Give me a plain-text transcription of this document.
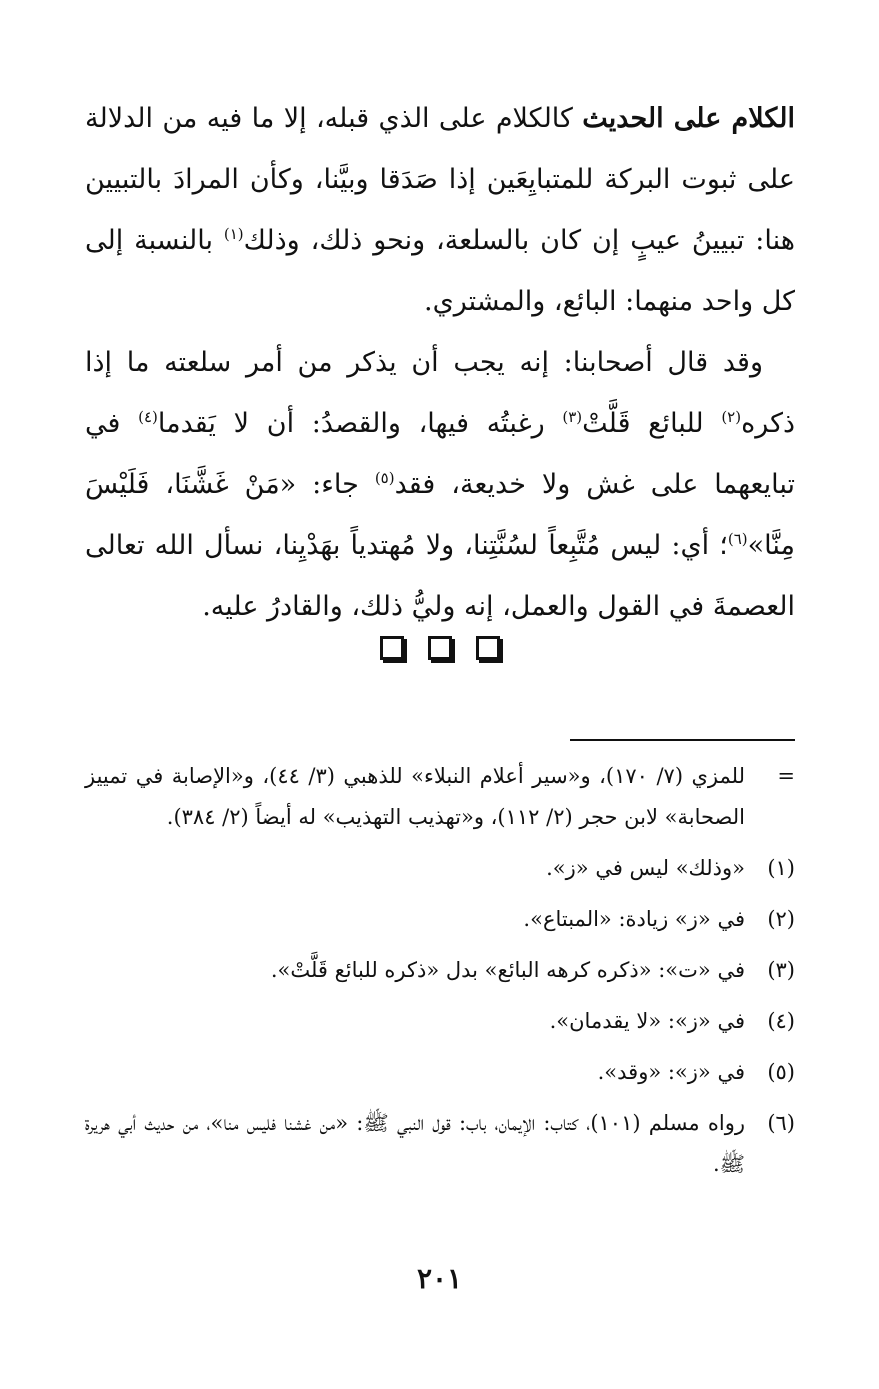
الكلام على الحديث كالكلام على الذي قبله، إلا ما فيه من الدلالة على ثبوت البركة للمتبايِعَين إذا صَدَقا وبيَّنا، وكأن المرادَ بالتبيين هنا: تبيينُ عيبٍ إن كان بالسلعة، ونحو ذلك، وذلك$^{(١)}$ بالنسبة إلى كل واحد منهما: البائع، والمشتري.

وقد قال أصحابنا: إنه يجب أن يذكر من أمر سلعته ما إذا ذكره$^{(٢)}$ للبائع قَلَّتْ$^{(٣)}$ رغبتُه فيها، والقصدُ: أن لا يَقدما$^{(٤)}$ في تبايعهما على غش ولا خديعة، فقد$^{(٥)}$ جاء: «مَنْ غَشَّنَا، فَلَيْسَ مِنَّا»$^{(٦)}$؛ أي: ليس مُتَّبِعاً لسُنَّتِنا، ولا مُهتدياً بهَدْيِنا، نسأل الله تعالى العصمةَ في القول والعمل، إنه وليُّ ذلك، والقادرُ عليه.

=
للمزي (٧/ ١٧٠)، و«سير أعلام النبلاء» للذهبي (٣/ ٤٤)، و«الإصابة في تمييز الصحابة» لابن حجر (٢/ ١١٢)، و«تهذيب التهذيب» له أيضاً (٢/ ٣٨٤).
(١)
«وذلك» ليس في «ز».
(٢)
في «ز» زيادة: «المبتاع».
(٣)
في «ت»: «ذكره كرهه البائع» بدل «ذكره للبائع قَلَّتْ».
(٤)
في «ز»: «لا يقدمان».
(٥)
في «ز»: «وقد».
(٦)
رواه مسلم (١٠١)، كتاب: الإيمان، باب: قول النبي ﷺ: «من غشنا فليس منا»، من حديث أبي هريرة ﷺ.
٢٠١
